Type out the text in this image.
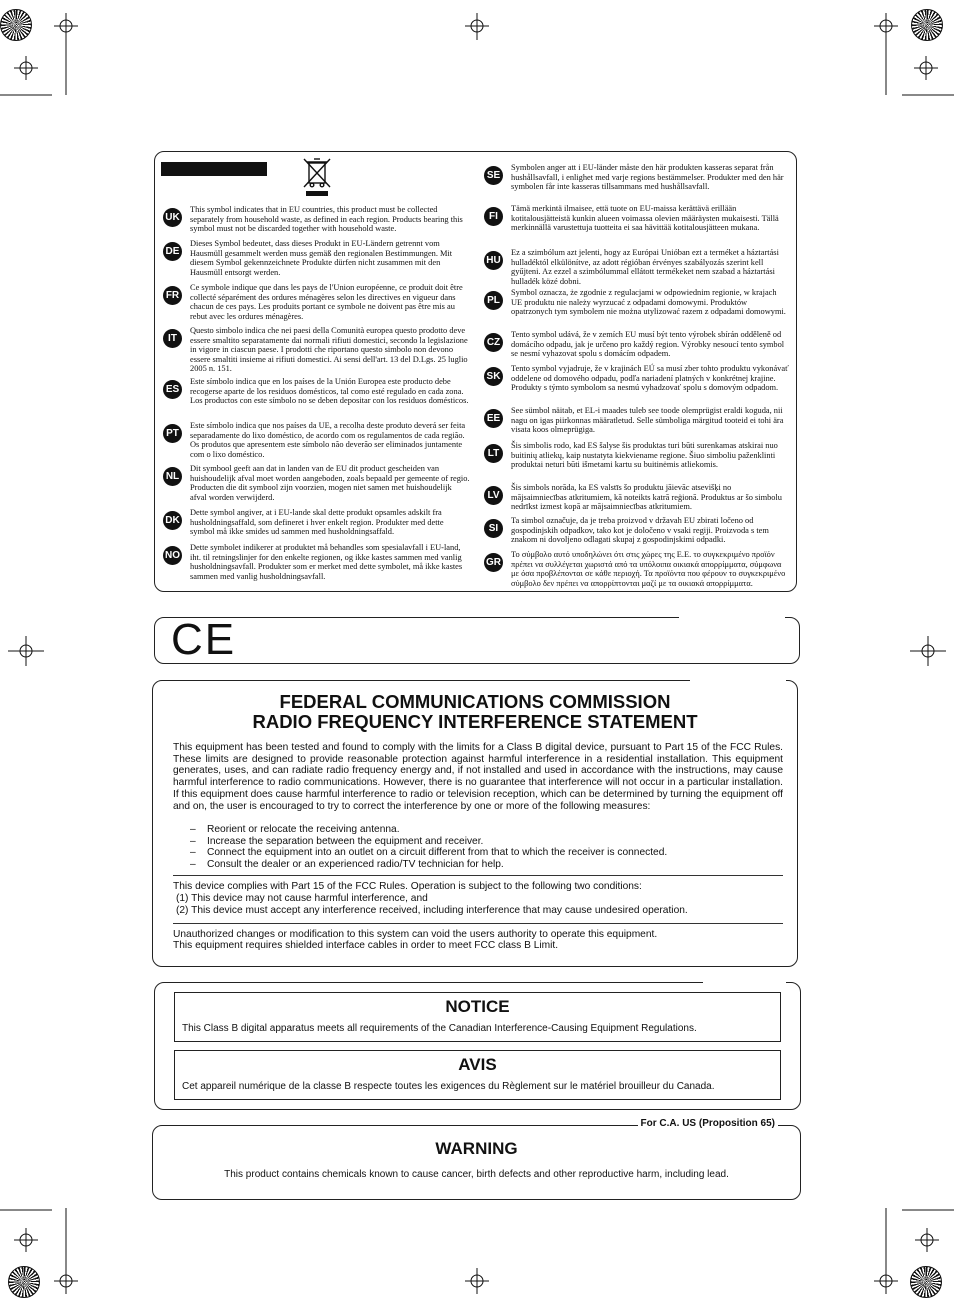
UK
This symbol indicates that in EU countries, this product must be collected separately from household waste, as defined in each region. Products bearing this symbol must not be discarded together with household waste.
DE
Dieses Symbol bedeutet, dass dieses Produkt in EU-Ländern getrennt vom Hausmüll gesammelt werden muss gemäß den regionalen Bestimmungen. Mit diesem Symbol gekennzeichnete Produkte dürfen nicht zusammen mit den Hausmüll entsorgt werden.
FR
Ce symbole indique que dans les pays de l'Union européenne, ce produit doit être collecté séparément des ordures ménagères selon les directives en vigueur dans chacun de ces pays. Les produits portant ce symbole ne doivent pas être mis au rebut avec les ordures ménagères.
IT
Questo simbolo indica che nei paesi della Comunità europea questo prodotto deve essere smaltito separatamente dai normali rifiuti domestici, secondo la legislazione in vigore in ciascun paese. I prodotti che riportano questo simbolo non devono essere smaltiti insieme ai rifiuti domestici. Ai sensi dell'art. 13 del D.Lgs. 25 luglio 2005 n. 151.
ES
Este símbolo indica que en los países de la Unión Europea este producto debe recogerse aparte de los residuos domésticos, tal como esté regulado en cada zona. Los productos con este símbolo no se deben depositar con los residuos domésticos.
PT
Este símbolo indica que nos países da UE, a recolha deste produto deverá ser feita separadamente do lixo doméstico, de acordo com os regulamentos de cada região. Os produtos que apresentem este símbolo não deverão ser eliminados juntamente com o lixo doméstico.
NL
Dit symbool geeft aan dat in landen van de EU dit product gescheiden van huishoudelijk afval moet worden aangeboden, zoals bepaald per gemeente of regio. Producten die dit symbool zijn voorzien, mogen niet samen met huishoudelijk afval worden verwijderd.
DK
Dette symbol angiver, at i EU-lande skal dette produkt opsamles adskilt fra husholdningsaffald, som defineret i hver enkelt region. Produkter med dette symbol må ikke smides ud sammen med husholdningsaffald.
NO
Dette symbolet indikerer at produktet må behandles som spesialavfall i EU-land, iht. til retningslinjer for den enkelte regionen, og ikke kastes sammen med vanlig husholdningsavfall. Produkter som er merket med dette symbolet, må ikke kastes sammen med vanlig husholdningsavfall.
SE
Symbolen anger att i EU-länder måste den här produkten kasseras separat från hushållsavfall, i enlighet med varje regions bestämmelser. Produkter med den här symbolen får inte kasseras tillsammans med hushållsavfall.
FI
Tämä merkintä ilmaisee, että tuote on EU-maissa kerättävä erillään kotitalousjätteistä kunkin alueen voimassa olevien määräysten mukaisesti. Tällä merkinnällä varustettuja tuotteita ei saa hävittää kotitalousjätteen mukana.
HU
Ez a szimbólum azt jelenti, hogy az Európai Unióban ezt a terméket a háztartási hulladéktól elkülönítve, az adott régióban érvényes szabályozás szerint kell gyűjteni. Az ezzel a szimbólummal ellátott termékeket nem szabad a háztartási hulladék közé dobni.
PL
Symbol oznacza, że zgodnie z regulacjami w odpowiednim regionie, w krajach UE produktu nie należy wyrzucać z odpadami domowymi. Produktów opatrzonych tym symbolem nie można utylizować razem z odpadami domowymi.
CZ
Tento symbol udává, že v zemích EU musí být tento výrobek sbírán odděleně od domácího odpadu, jak je určeno pro každý region. Výrobky nesoucí tento symbol se nesmí vyhazovat spolu s domácím odpadem.
SK
Tento symbol vyjadruje, že v krajinách EÚ sa musí zber tohto produktu vykonávať oddelene od domového odpadu, podľa nariadení platných v konkrétnej krajine. Produkty s týmto symbolom sa nesmú vyhadzovať spolu s domovým odpadom.
EE
See sümbol näitab, et EL-i maades tuleb see toode olemprügist eraldi koguda, nii nagu on igas piirkonnas määratletud. Selle sümboliga märgitud tooteid ei tohi ära visata koos olmeprügiga.
LT
Šis simbolis rodo, kad ES šalyse šis produktas turi būti surenkamas atskirai nuo buitinių atliekų, kaip nustatyta kiekviename regione. Šiuo simboliu paženklinti produktai neturi būti išmetami kartu su buitinėmis atliekomis.
LV
Šis simbols norāda, ka ES valstīs šo produktu jāievāc atsevišķi no mājsaimniecības atkritumiem, kā noteikts katrā reģionā. Produktus ar šo simbolu nedrīkst izmest kopā ar mājsaimniecības atkritumiem.
SI
Ta simbol označuje, da je treba proizvod v državah EU zbirati ločeno od gospodinjskih odpadkov, tako kot je določeno v vsaki regiji. Proizvoda s tem znakom ni dovoljeno odlagati skupaj z gospodinjskimi odpadki.
GR
Το σύμβολο αυτό υποδηλώνει ότι στις χώρες της Ε.Ε. το συγκεκριμένο προϊόν πρέπει να συλλέγεται χωριστά από τα υπόλοιπα οικιακά απορρίμματα, σύμφωνα με όσα προβλέπονται σε κάθε περιοχή. Τα προϊόντα που φέρουν το συγκεκριμένο σύμβολο δεν πρέπει να απορρίπτονται μαζί με τα οικιακά απορρίμματα.
CE
FEDERAL COMMUNICATIONS COMMISSION
RADIO FREQUENCY INTERFERENCE STATEMENT
This equipment has been tested and found to comply with the limits for a Class B digital device, pursuant to Part 15 of the FCC Rules. These limits are designed to provide reasonable protection against harmful interference in a residential installation. This equipment generates, uses, and can radiate radio frequency energy and, if not installed and used in accordance with the instructions, may cause harmful interference to radio communications. However, there is no guarantee that interference will not occur in a particular installation. If this equipment does cause harmful interference to radio or television reception, which can be determined by turning the equipment off and on, the user is encouraged to try to correct the interference by one or more of the following measures:
– Reorient or relocate the receiving antenna.
– Increase the separation between the equipment and receiver.
– Connect the equipment into an outlet on a circuit different from that to which the receiver is connected.
– Consult the dealer or an experienced radio/TV technician for help.
This device complies with Part 15 of the FCC Rules. Operation is subject to the following two conditions:
(1) This device may not cause harmful interference, and
(2) This device must accept any interference received, including interference that may cause undesired operation.
Unauthorized changes or modification to this system can void the users authority to operate this equipment.
This equipment requires shielded interface cables in order to meet FCC class B Limit.
NOTICE
This Class B digital apparatus meets all requirements of the Canadian Interference-Causing Equipment Regulations.
AVIS
Cet appareil numérique de la classe B respecte toutes les exigences du Règlement sur le matériel brouilleur du Canada.
For C.A. US (Proposition 65)
WARNING
This product contains chemicals known to cause cancer, birth defects and other reproductive harm, including lead.
